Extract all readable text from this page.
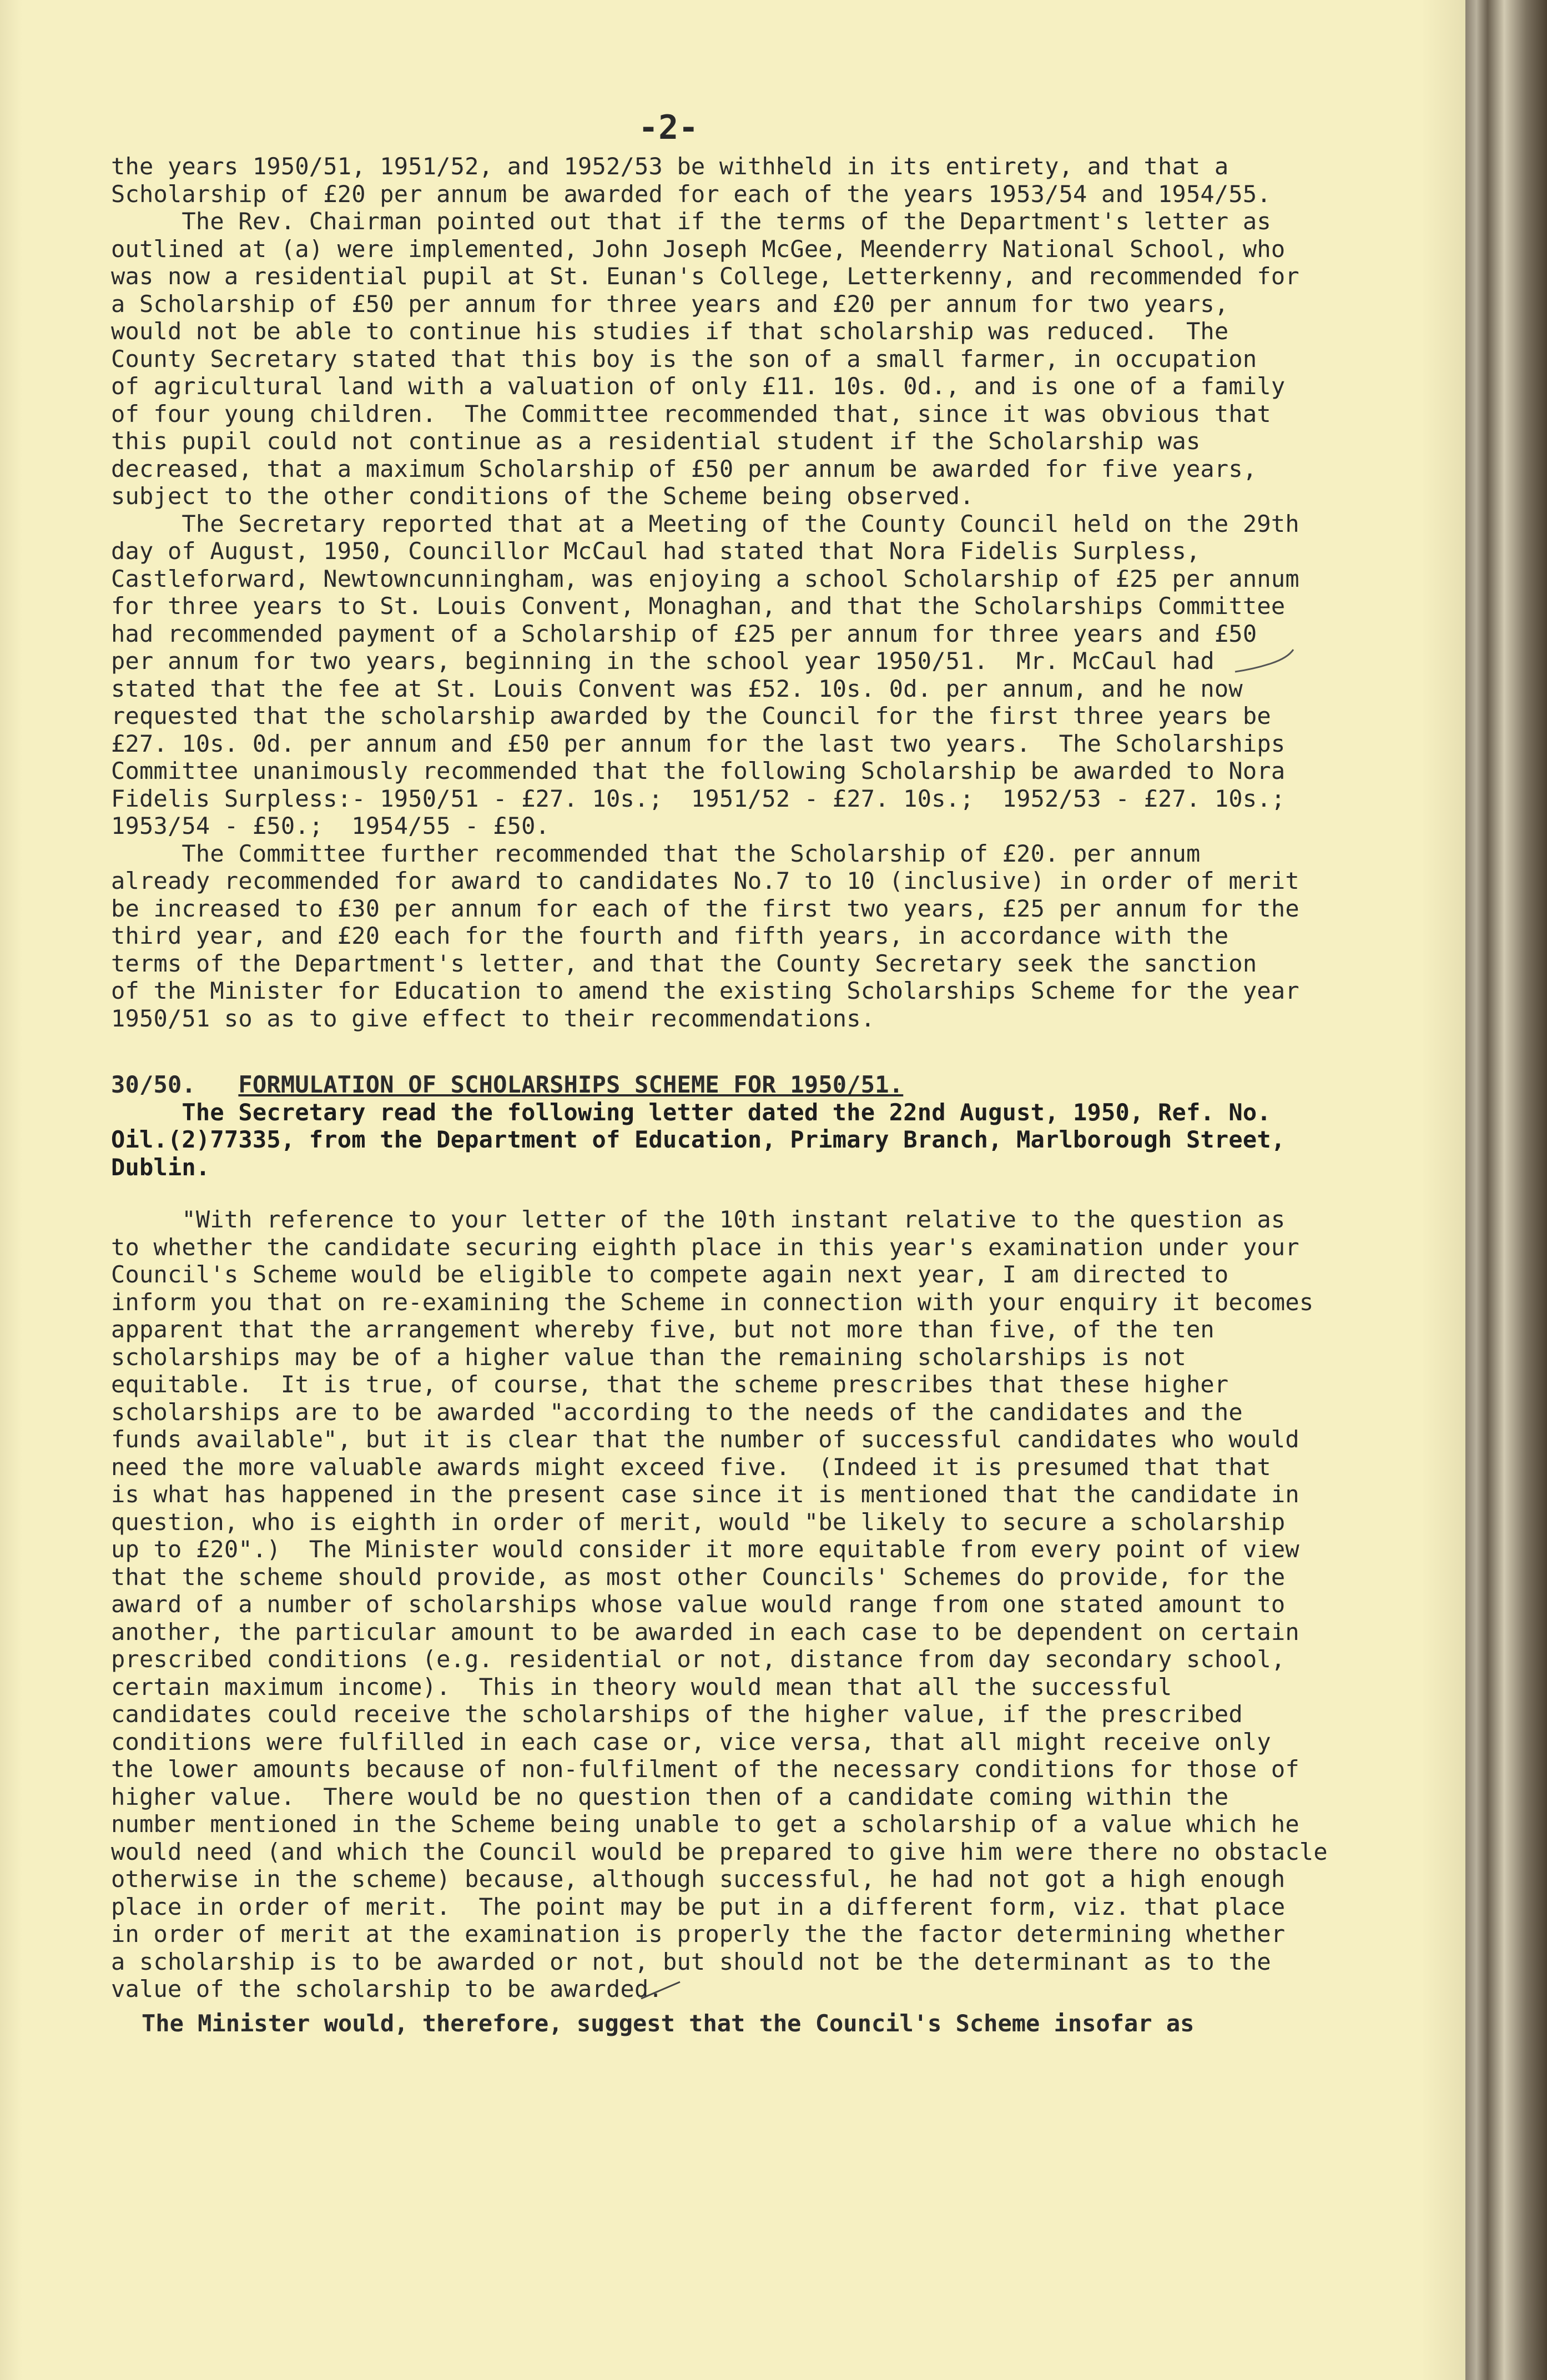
-2-
the years 1950/51, 1951/52, and 1952/53 be withheld in its entirety, and that a
Scholarship of £20 per annum be awarded for each of the years 1953/54 and 1954/55.
The Rev. Chairman pointed out that if the terms of the Department's letter as
outlined at (a) were implemented, John Joseph McGee, Meenderry National School, who
was now a residential pupil at St. Eunan's College, Letterkenny, and recommended for
a Scholarship of £50 per annum for three years and £20 per annum for two years,
would not be able to continue his studies if that scholarship was reduced.  The
County Secretary stated that this boy is the son of a small farmer, in occupation
of agricultural land with a valuation of only £11. 10s. 0d., and is one of a family
of four young children.  The Committee recommended that, since it was obvious that
this pupil could not continue as a residential student if the Scholarship was
decreased, that a maximum Scholarship of £50 per annum be awarded for five years,
subject to the other conditions of the Scheme being observed.
The Secretary reported that at a Meeting of the County Council held on the 29th
day of August, 1950, Councillor McCaul had stated that Nora Fidelis Surpless,
Castleforward, Newtowncunningham, was enjoying a school Scholarship of £25 per annum
for three years to St. Louis Convent, Monaghan, and that the Scholarships Committee
had recommended payment of a Scholarship of £25 per annum for three years and £50
per annum for two years, beginning in the school year 1950/51.  Mr. McCaul had
stated that the fee at St. Louis Convent was £52. 10s. 0d. per annum, and he now
requested that the scholarship awarded by the Council for the first three years be
£27. 10s. 0d. per annum and £50 per annum for the last two years.  The Scholarships
Committee unanimously recommended that the following Scholarship be awarded to Nora
Fidelis Surpless:- 1950/51 - £27. 10s.;  1951/52 - £27. 10s.;  1952/53 - £27. 10s.;
1953/54 - £50.;  1954/55 - £50.
The Committee further recommended that the Scholarship of £20. per annum
already recommended for award to candidates No.7 to 10 (inclusive) in order of merit
be increased to £30 per annum for each of the first two years, £25 per annum for the
third year, and £20 each for the fourth and fifth years, in accordance with the
terms of the Department's letter, and that the County Secretary seek the sanction
of the Minister for Education to amend the existing Scholarships Scheme for the year
1950/51 so as to give effect to their recommendations.
30/50. FORMULATION OF SCHOLARSHIPS SCHEME FOR 1950/51.
The Secretary read the following letter dated the 22nd August, 1950, Ref. No.
Oil.(2)77335, from the Department of Education, Primary Branch, Marlborough Street,
Dublin.
"With reference to your letter of the 10th instant relative to the question as
to whether the candidate securing eighth place in this year's examination under your
Council's Scheme would be eligible to compete again next year, I am directed to
inform you that on re-examining the Scheme in connection with your enquiry it becomes
apparent that the arrangement whereby five, but not more than five, of the ten
scholarships may be of a higher value than the remaining scholarships is not
equitable.  It is true, of course, that the scheme prescribes that these higher
scholarships are to be awarded "according to the needs of the candidates and the
funds available", but it is clear that the number of successful candidates who would
need the more valuable awards might exceed five.  (Indeed it is presumed that that
is what has happened in the present case since it is mentioned that the candidate in
question, who is eighth in order of merit, would "be likely to secure a scholarship
up to £20".)  The Minister would consider it more equitable from every point of view
that the scheme should provide, as most other Councils' Schemes do provide, for the
award of a number of scholarships whose value would range from one stated amount to
another, the particular amount to be awarded in each case to be dependent on certain
prescribed conditions (e.g. residential or not, distance from day secondary school,
certain maximum income).  This in theory would mean that all the successful
candidates could receive the scholarships of the higher value, if the prescribed
conditions were fulfilled in each case or, vice versa, that all might receive only
the lower amounts because of non-fulfilment of the necessary conditions for those of
higher value.  There would be no question then of a candidate coming within the
number mentioned in the Scheme being unable to get a scholarship of a value which he
would need (and which the Council would be prepared to give him were there no obstacle
otherwise in the scheme) because, although successful, he had not got a high enough
place in order of merit.  The point may be put in a different form, viz. that place
in order of merit at the examination is properly the the factor determining whether
a scholarship is to be awarded or not, but should not be the determinant as to the
value of the scholarship to be awarded.
The Minister would, therefore, suggest that the Council's Scheme insofar as
